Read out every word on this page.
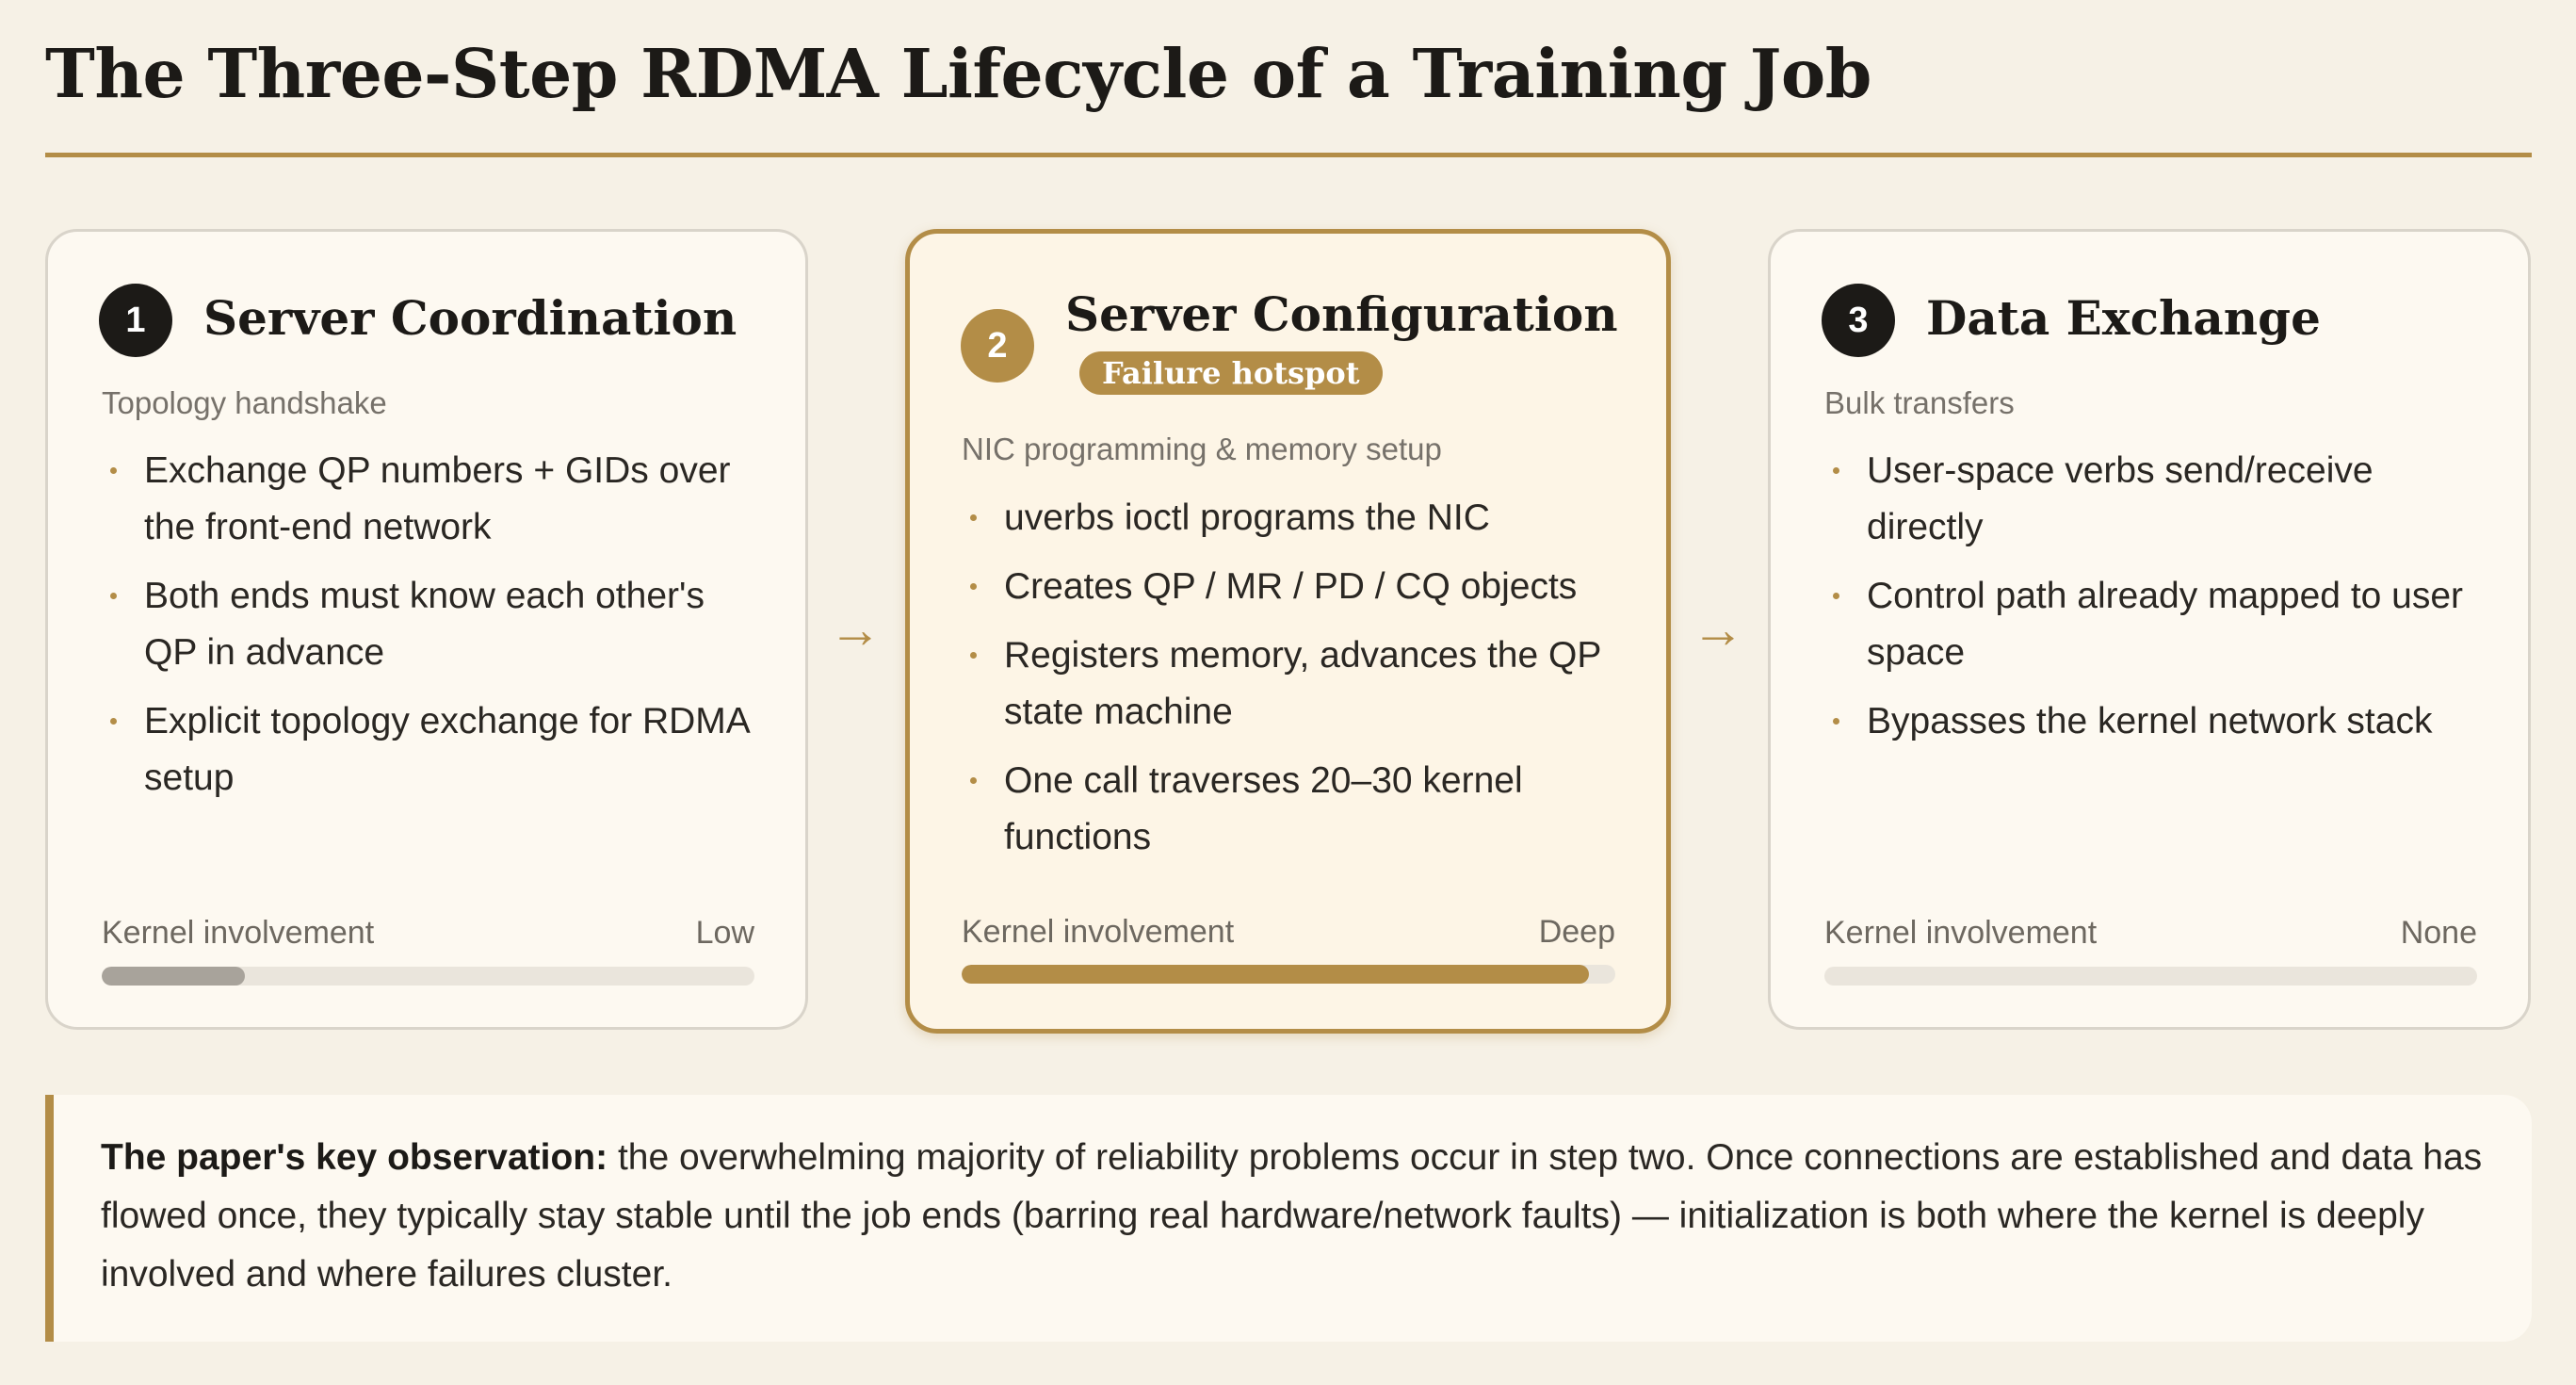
The Three-Step RDMA Lifecycle of a Training Job
1	Server Coordination
Topology handshake
Exchange QP numbers + GIDs over the front-end network
Both ends must know each other's QP in advance
Explicit topology exchange for RDMA setup
Kernel involvement	Low
→
2
Server Configuration
Failure hotspot
NIC programming & memory setup
uverbs ioctl programs the NIC
Creates QP / MR / PD / CQ objects
Registers memory, advances the QP state machine
One call traverses 20–30 kernel functions
Kernel involvement	Deep
→
3	Data Exchange
Bulk transfers
User-space verbs send/receive directly
Control path already mapped to user space
Bypasses the kernel network stack
Kernel involvement	None
The paper's key observation: the overwhelming majority of reliability problems occur in step two. Once connections are established and data has flowed once, they typically stay stable until the job ends (barring real hardware/network faults) — initialization is both where the kernel is deeply involved and where failures cluster.
